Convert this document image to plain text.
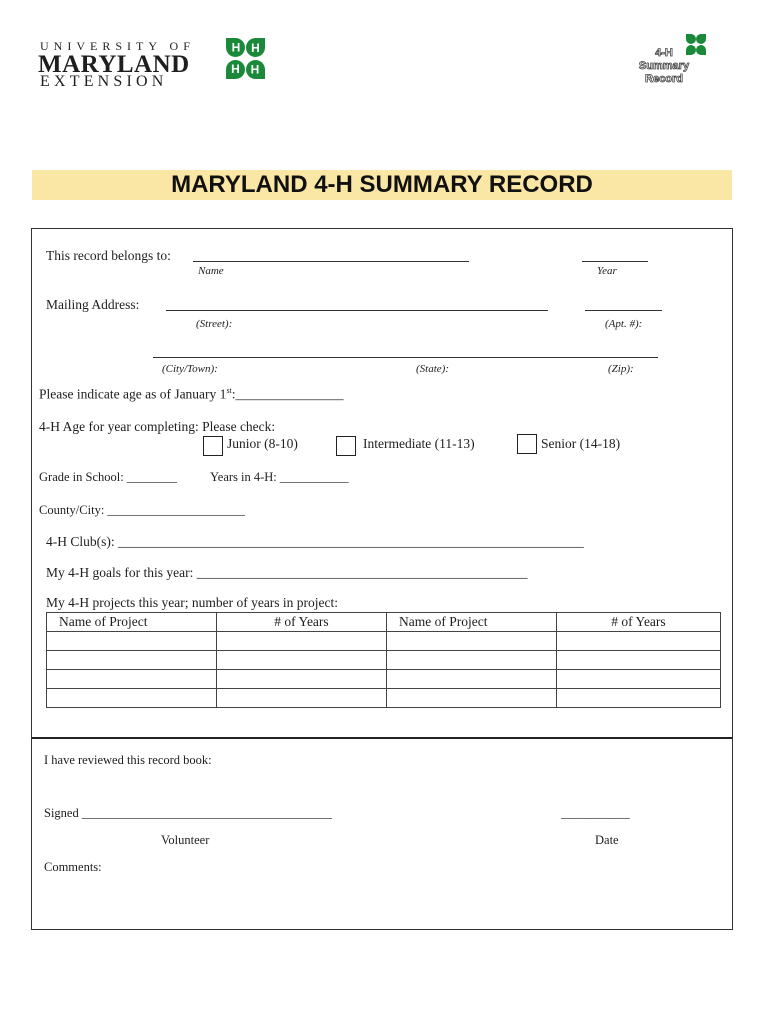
UNIVERSITY OF
MARYLAND
EXTENSION
H H
H H
4-H
Summary
Record
MARYLAND 4-H SUMMARY RECORD
This record belongs to:
Name	Year
Mailing Address:
(Street):	(Apt. #):
(City/Town):	(State):	(Zip):
Please indicate age as of January 1st:________________
4-H Age for year completing: Please check:
Junior (8-10)	Intermediate (11-13)	Senior (14-18)
Grade in School: ________	Years in 4-H: ___________
County/City: ______________________
4-H Club(s): _____________________________________________________________________
My 4-H goals for this year: _________________________________________________
My 4-H projects this year; number of years in project:
Name of Project	# of Years	Name of Project	# of Years

I have reviewed this record book:
Signed ________________________________________	___________
Volunteer	Date
Comments:
